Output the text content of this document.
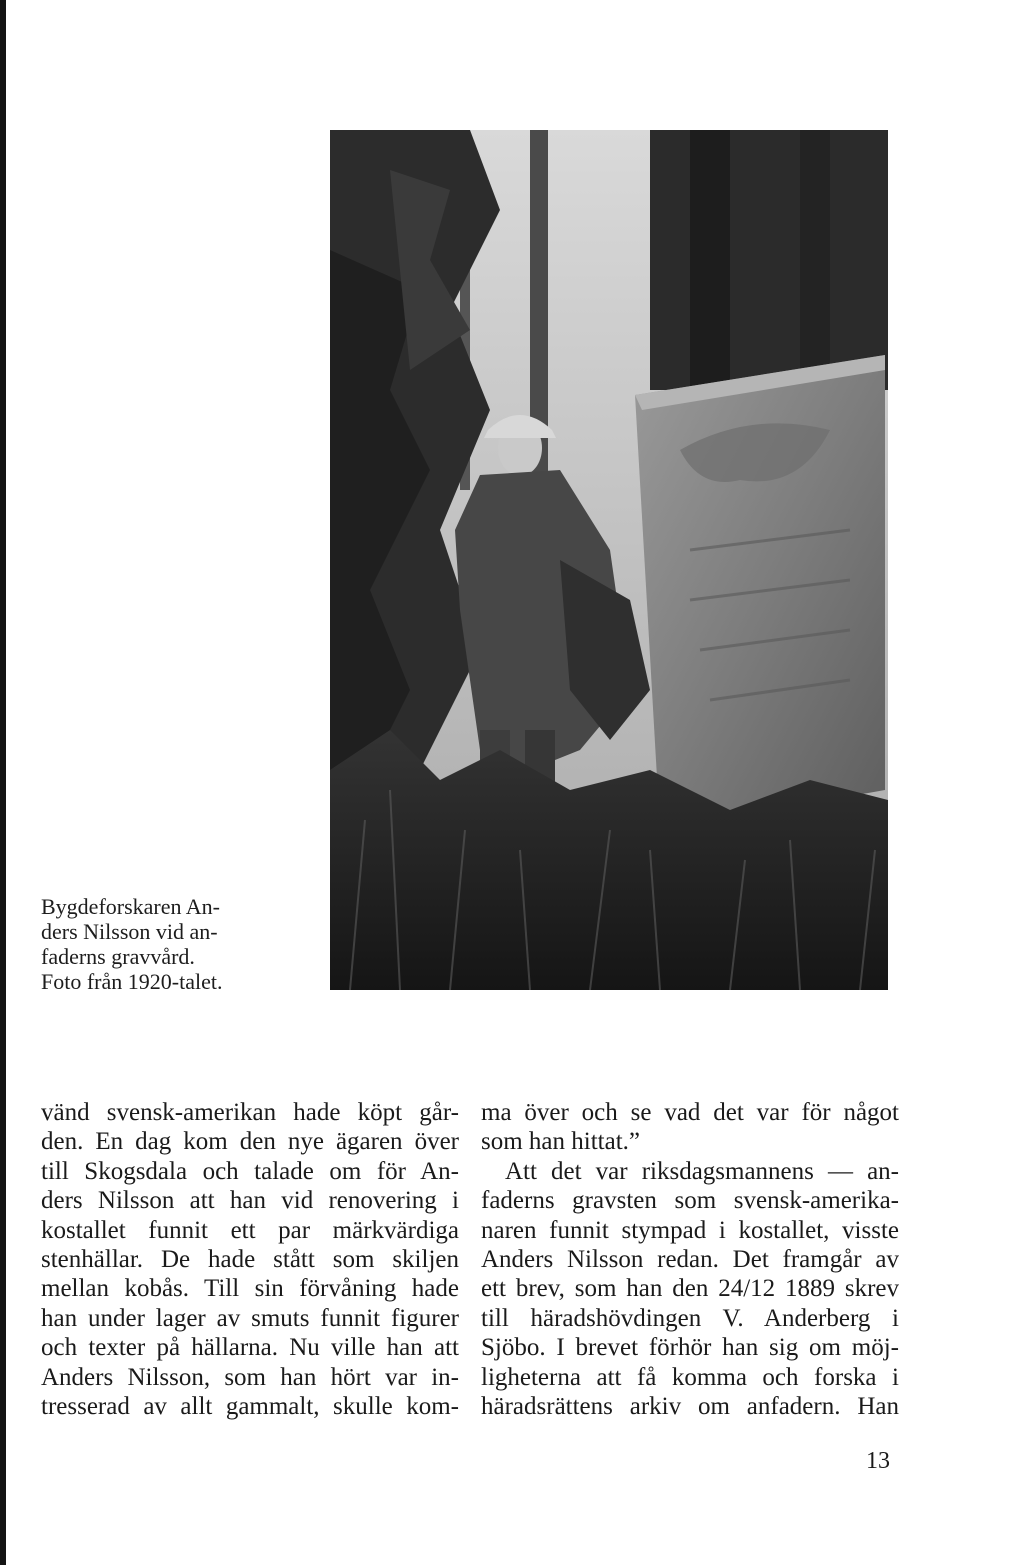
Bygdeforskaren An-
ders Nilsson vid an-
faderns gravvård.
Foto från 1920-talet.
vänd svensk-amerikan hade köpt går-
den. En dag kom den nye ägaren över
till Skogsdala och talade om för An-
ders Nilsson att han vid renovering i
kostallet funnit ett par märkvärdiga
stenhällar. De hade stått som skiljen
mellan kobås. Till sin förvåning hade
han under lager av smuts funnit figurer
och texter på hällarna. Nu ville han att
Anders Nilsson, som han hört var in-
tresserad av allt gammalt, skulle kom-
ma över och se vad det var för något
som han hittat.”
Att det var riksdagsmannens — an-
faderns gravsten som svensk-amerika-
naren funnit stympad i kostallet, visste
Anders Nilsson redan. Det framgår av
ett brev, som han den 24/12 1889 skrev
till häradshövdingen V. Anderberg i
Sjöbo. I brevet förhör han sig om möj-
ligheterna att få komma och forska i
häradsrättens arkiv om anfadern. Han
13
